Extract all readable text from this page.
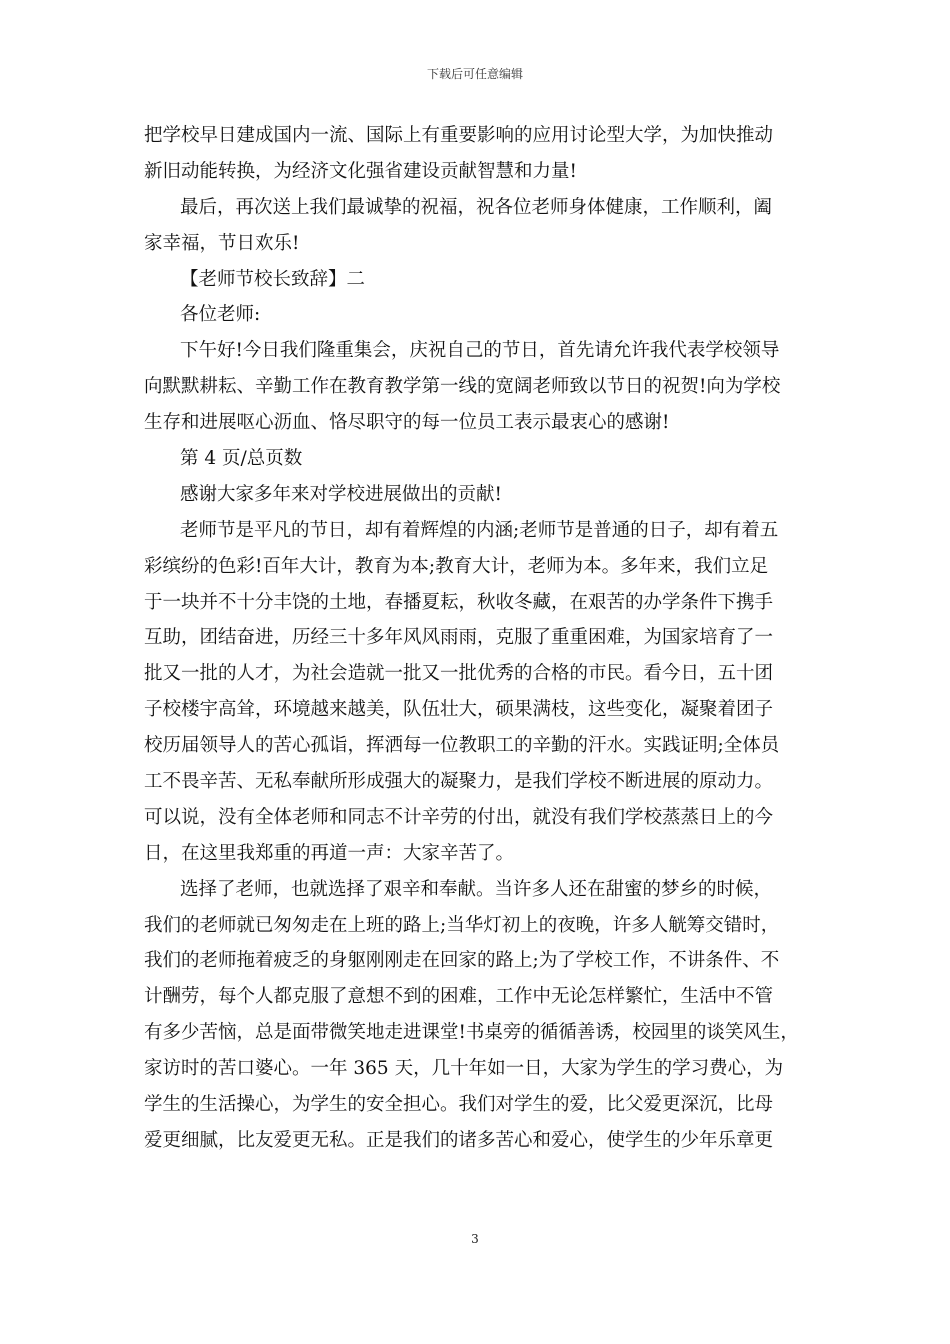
下载后可任意编辑
把学校早日建成国内一流、国际上有重要影响的应用讨论型大学，为加快推动
新旧动能转换，为经济文化强省建设贡献智慧和力量!
最后，再次送上我们最诚挚的祝福，祝各位老师身体健康，工作顺利，阖
家幸福，节日欢乐!
【老师节校长致辞】二
各位老师:
下午好!今日我们隆重集会，庆祝自己的节日，首先请允许我代表学校领导
向默默耕耘、辛勤工作在教育教学第一线的宽阔老师致以节日的祝贺!向为学校
生存和进展呕心沥血、恪尽职守的每一位员工表示最衷心的感谢!
第 4 页/总页数
感谢大家多年来对学校进展做出的贡献!
老师节是平凡的节日，却有着辉煌的内涵;老师节是普通的日子，却有着五
彩缤纷的色彩!百年大计，教育为本;教育大计，老师为本。多年来，我们立足
于一块并不十分丰饶的土地，春播夏耘，秋收冬藏，在艰苦的办学条件下携手
互助，团结奋进，历经三十多年风风雨雨，克服了重重困难，为国家培育了一
批又一批的人才，为社会造就一批又一批优秀的合格的市民。看今日，五十团
子校楼宇高耸，环境越来越美，队伍壮大，硕果满枝，这些变化，凝聚着团子
校历届领导人的苦心孤诣，挥洒每一位教职工的辛勤的汗水。实践证明;全体员
工不畏辛苦、无私奉献所形成强大的凝聚力，是我们学校不断进展的原动力。
可以说，没有全体老师和同志不计辛劳的付出，就没有我们学校蒸蒸日上的今
日，在这里我郑重的再道一声：大家辛苦了。
选择了老师，也就选择了艰辛和奉献。当许多人还在甜蜜的梦乡的时候，
我们的老师就已匆匆走在上班的路上;当华灯初上的夜晚，许多人觥筹交错时，
我们的老师拖着疲乏的身躯刚刚走在回家的路上;为了学校工作，不讲条件、不
计酬劳，每个人都克服了意想不到的困难，工作中无论怎样繁忙，生活中不管
有多少苦恼，总是面带微笑地走进课堂!书桌旁的循循善诱，校园里的谈笑风生，
家访时的苦口婆心。一年 365 天，几十年如一日，大家为学生的学习费心，为
学生的生活操心，为学生的安全担心。我们对学生的爱，比父爱更深沉，比母
爱更细腻，比友爱更无私。正是我们的诸多苦心和爱心，使学生的少年乐章更
3
